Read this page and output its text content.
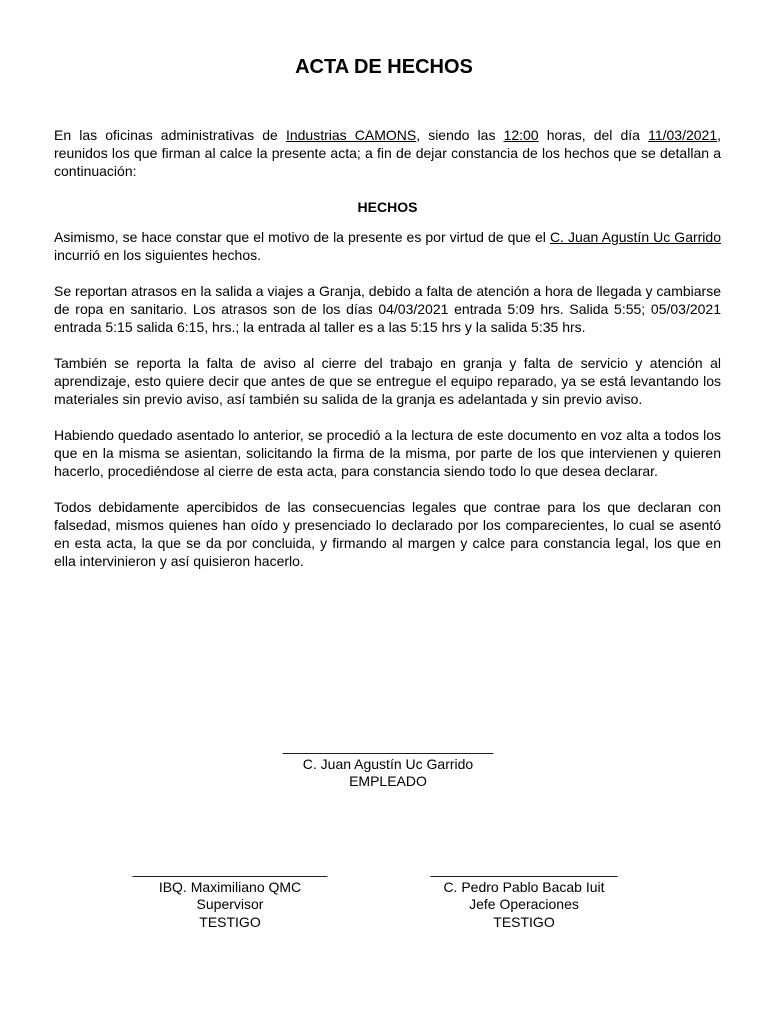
ACTA DE HECHOS

En las oficinas administrativas de Industrias CAMONS, siendo las 12:00 horas, del día 11/03/2021, reunidos los que firman al calce la presente acta; a fin de dejar constancia de los hechos que se detallan a continuación:

HECHOS

Asimismo, se hace constar que el motivo de la presente es por virtud de que el C. Juan Agustín Uc Garrido incurrió en los siguientes hechos.

Se reportan atrasos en la salida a viajes a Granja, debido a falta de atención a hora de llegada y cambiarse de ropa en sanitario. Los atrasos son de los días 04/03/2021 entrada 5:09 hrs. Salida 5:55; 05/03/2021 entrada 5:15 salida 6:15, hrs.; la entrada al taller es a las 5:15 hrs y la salida 5:35 hrs.

También se reporta la falta de aviso al cierre del trabajo en granja y falta de servicio y atención al aprendizaje, esto quiere decir que antes de que se entregue el equipo reparado, ya se está levantando los materiales sin previo aviso, así también su salida de la granja es adelantada y sin previo aviso.

Habiendo quedado asentado lo anterior, se procedió a la lectura de este documento en voz alta a todos los que en la misma se asientan, solicitando la firma de la misma, por parte de los que intervienen y quieren hacerlo, procediéndose al cierre de esta acta, para constancia siendo todo lo que desea declarar.

Todos debidamente apercibidos de las consecuencias legales que contrae para los que declaran con falsedad, mismos quienes han oído y presenciado lo declarado por los comparecientes, lo cual se asentó en esta acta, la que se da por concluida, y firmando al margen y calce para constancia legal, los que en ella intervinieron y así quisieron hacerlo.

___________________________
C. Juan Agustín Uc Garrido
EMPLEADO
_________________________
IBQ. Maximiliano QMC
Supervisor
TESTIGO
________________________
C. Pedro Pablo Bacab Iuit
Jefe Operaciones
TESTIGO
